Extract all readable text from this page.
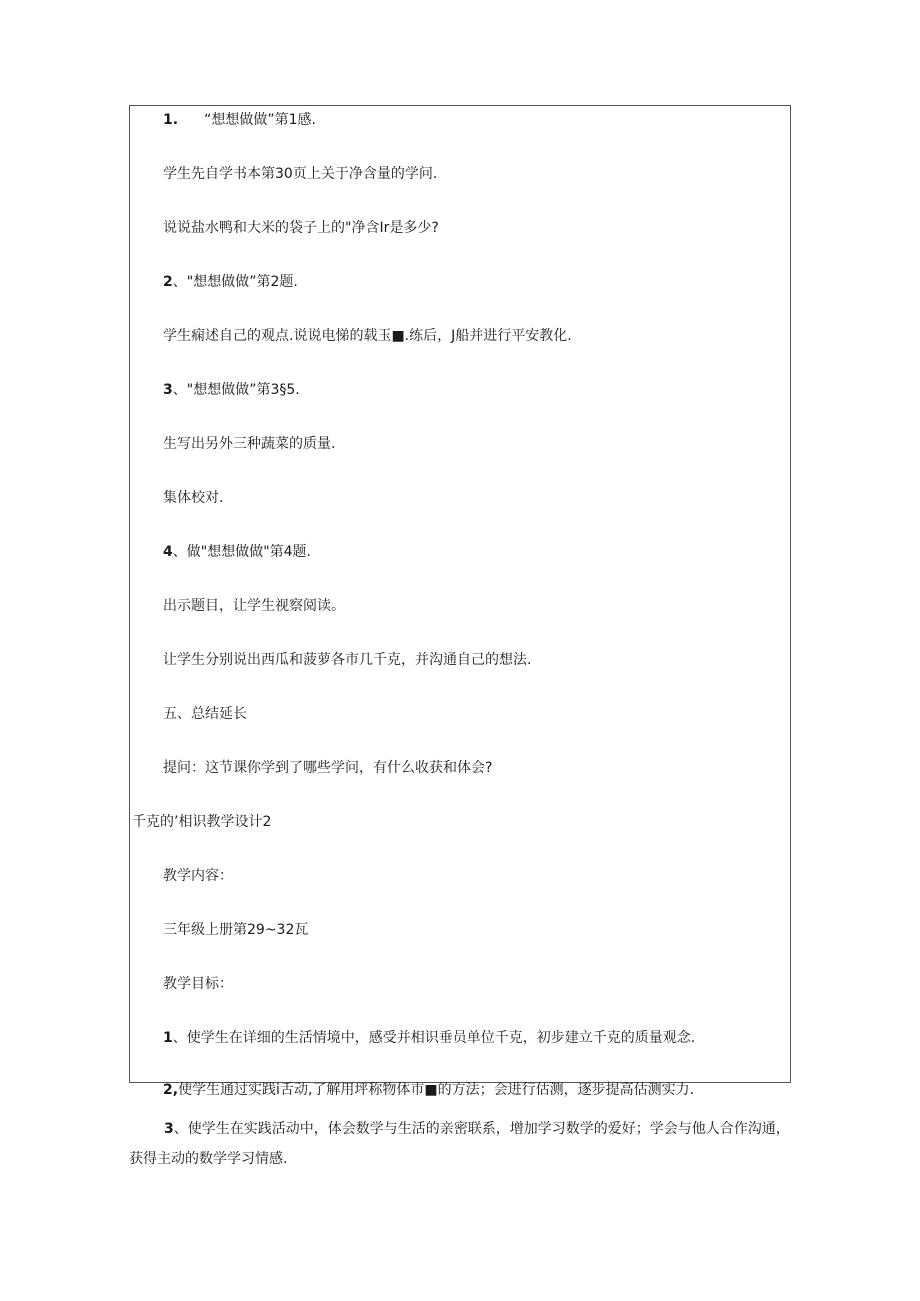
1. “想想做做”第1感.
学生先自学书本第30页上关于净含量的学问.
说说盐水鸭和大米的袋子上的"净含Ir是多少?
2、"想想做做”第2题.
学生痫述自己的观点.说说电悌的载玉■.练后，J船并进行平安教化.
3、"想想做做”第3§5.
生写出另外三种蔬菜的质量.
集体校对.
4、做"想想做做"第4题.
出示题目，让学生视察阅读。
让学生分别说出西瓜和菠萝各市几千克，并沟通自己的想法.
五、总结延长
提问：这节课你学到了哪些学问，有什么收获和体会?
千克的’相识教学设计2
教学内容：
三年级上册第29~32瓦
教学目标：
1、使学生在详细的生活情境中，感受并相识垂员单位千克，初步建立千克的质量观念.
2,使学生通过实践i舌动,了解用坪称物体市■的方法；会进行估测，逐步提高估测实力.
3、使学生在实践活动中，体会数学与生活的亲密联系，增加学习数学的爱好；学会与他人合作沟通，获得主动的数学学习情感.
